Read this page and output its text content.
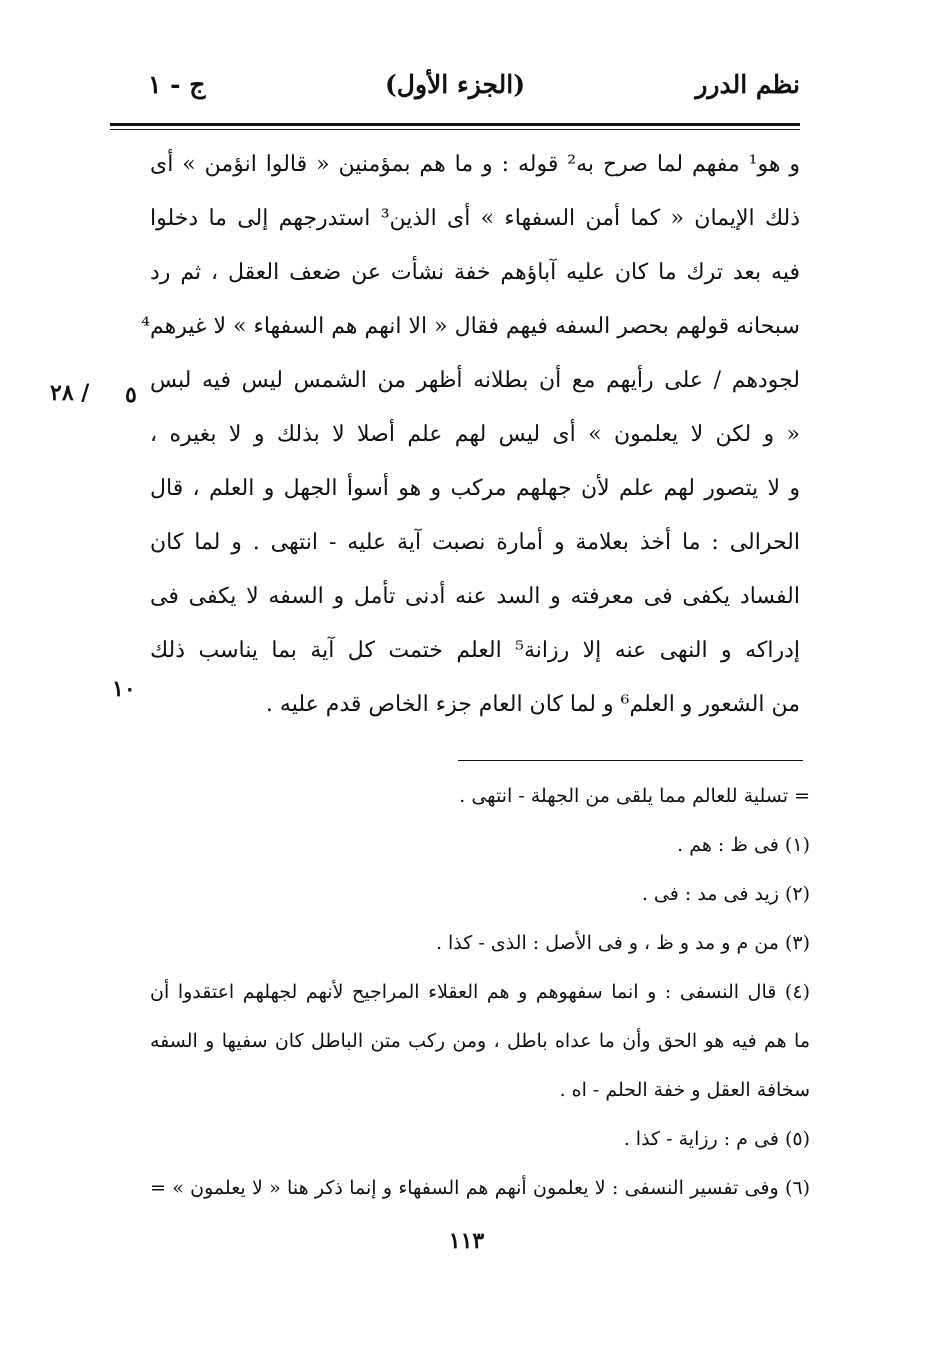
نظم الدرر
(الجزء الأول)
ج - ١
و هو¹ مفهم لما صرح به² قوله : و ما هم بمؤمنين « قالوا انؤمن » أى
ذلك الإيمان « كما أمن السفهاء » أى الذين³ استدرجهم إلى ما دخلوا
فيه بعد ترك ما كان عليه آباؤهم خفة نشأت عن ضعف العقل ، ثم رد
سبحانه قولهم بحصر السفه فيهم فقال « الا انهم هم السفهاء » لا غيرهم⁴
لجودهم / على رأيهم مع أن بطلانه أظهر من الشمس ليس فيه لبس
« و لكن لا يعلمون » أى ليس لهم علم أصلا لا بذلك و لا بغيره ،
و لا يتصور لهم علم لأن جهلهم مركب و هو أسوأ الجهل و العلم ، قال
الحرالى : ما أخذ بعلامة و أمارة نصبت آية عليه - انتهى . و لما كان
الفساد يكفى فى معرفته و السد عنه أدنى تأمل و السفه لا يكفى فى
إدراكه و النهى عنه إلا رزانة⁵ العلم ختمت كل آية بما يناسب ذلك
من الشعور و العلم⁶ و لما كان العام جزء الخاص قدم عليه .
٢٨ / ٥
١٠
= تسلية للعالم مما يلقى من الجهلة - انتهى .
(١) فى ظ : هم .
(٢) زيد فى مد : فى .
(٣) من م و مد و ظ ، و فى الأصل : الذى - كذا .
(٤) قال النسفى : و انما سفهوهم و هم العقلاء المراجيح لأنهم لجهلهم اعتقدوا أن
ما هم فيه هو الحق وأن ما عداه باطل ، ومن ركب متن الباطل كان سفيها و السفه
سخافة العقل و خفة الحلم - اه .
(٥) فى م : رزاية - كذا .
(٦) وفى تفسير النسفى : لا يعلمون أنهم هم السفهاء و إنما ذكر هنا « لا يعلمون » =
١١٣
